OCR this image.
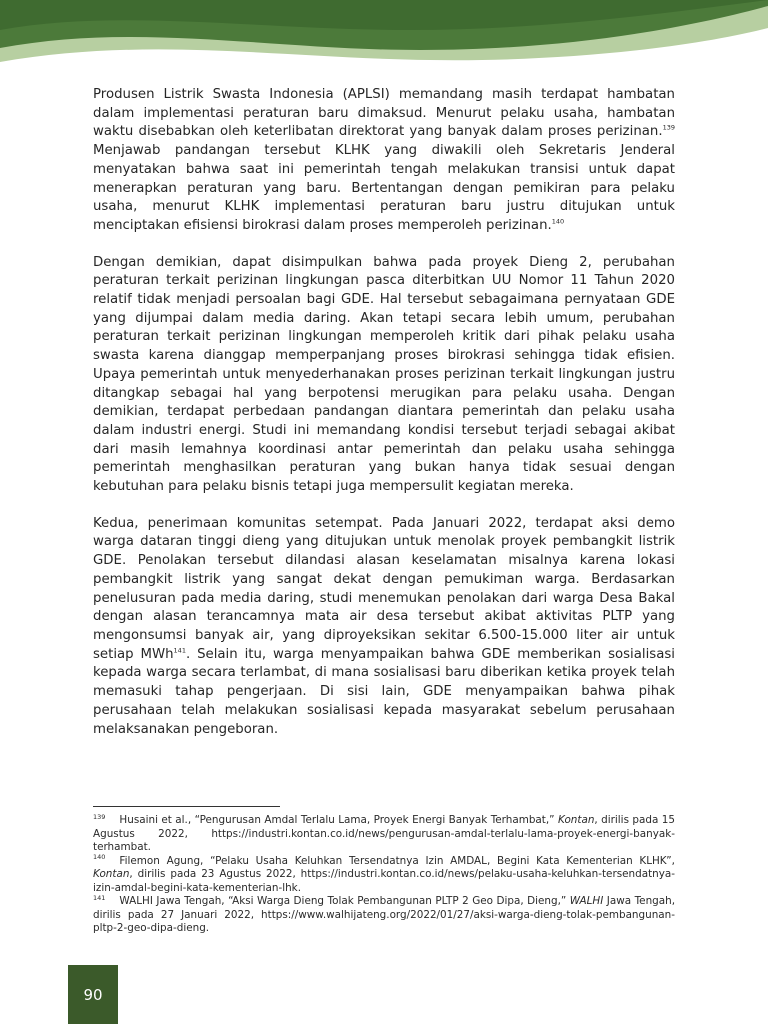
Produsen Listrik Swasta Indonesia (APLSI) memandang masih terdapat hambatan dalam implementasi peraturan baru dimaksud. Menurut pelaku usaha, hambatan waktu disebabkan oleh keterlibatan direktorat yang banyak dalam proses perizinan.$^{139}$ Menjawab pandangan tersebut KLHK yang diwakili oleh Sekretaris Jenderal menyatakan bahwa saat ini pemerintah tengah melakukan transisi untuk dapat menerapkan peraturan yang baru. Bertentangan dengan pemikiran para pelaku usaha, menurut KLHK implementasi peraturan baru justru ditujukan untuk menciptakan efisiensi birokrasi dalam proses memperoleh perizinan.$^{140}$

Dengan demikian, dapat disimpulkan bahwa pada proyek Dieng 2, perubahan peraturan terkait perizinan lingkungan pasca diterbitkan UU Nomor 11 Tahun 2020 relatif tidak menjadi persoalan bagi GDE. Hal tersebut sebagaimana pernyataan GDE yang dijumpai dalam media daring. Akan tetapi secara lebih umum, perubahan peraturan terkait perizinan lingkungan memperoleh kritik dari pihak pelaku usaha swasta karena dianggap memperpanjang proses birokrasi sehingga tidak efisien. Upaya pemerintah untuk menyederhanakan proses perizinan terkait lingkungan justru ditangkap sebagai hal yang berpotensi merugikan para pelaku usaha. Dengan demikian, terdapat perbedaan pandangan diantara pemerintah dan pelaku usaha dalam industri energi. Studi ini memandang kondisi tersebut terjadi sebagai akibat dari masih lemahnya koordinasi antar pemerintah dan pelaku usaha sehingga pemerintah menghasilkan peraturan yang bukan hanya tidak sesuai dengan kebutuhan para pelaku bisnis tetapi juga mempersulit kegiatan mereka.

Kedua, penerimaan komunitas setempat. Pada Januari 2022, terdapat aksi demo warga dataran tinggi dieng yang ditujukan untuk menolak proyek pembangkit listrik GDE. Penolakan tersebut dilandasi alasan keselamatan misalnya karena lokasi pembangkit listrik yang sangat dekat dengan pemukiman warga. Berdasarkan penelusuran pada media daring, studi menemukan penolakan dari warga Desa Bakal dengan alasan terancamnya mata air desa tersebut akibat aktivitas PLTP yang mengonsumsi banyak air, yang diproyeksikan sekitar 6.500-15.000 liter air untuk setiap MWh$^{141}$. Selain itu, warga menyampaikan bahwa GDE memberikan sosialisasi kepada warga secara terlambat, di mana sosialisasi baru diberikan ketika proyek telah memasuki tahap pengerjaan. Di sisi lain, GDE menyampaikan bahwa pihak perusahaan telah melakukan sosialisasi kepada masyarakat sebelum perusahaan melaksanakan pengeboran.

$^{139}$ Husaini et al., “Pengurusan Amdal Terlalu Lama, Proyek Energi Banyak Terhambat,” Kontan, dirilis pada 15 Agustus 2022, https://industri.kontan.co.id/news/pengurusan-amdal-terlalu-lama-proyek-energi-banyak-terhambat.

$^{140}$ Filemon Agung, “Pelaku Usaha Keluhkan Tersendatnya Izin AMDAL, Begini Kata Kementerian KLHK”, Kontan, dirilis pada 23 Agustus 2022, https://industri.kontan.co.id/news/pelaku-usaha-keluhkan-tersendatnya-izin-amdal-begini-kata-kementerian-lhk.

$^{141}$ WALHI Jawa Tengah, “Aksi Warga Dieng Tolak Pembangunan PLTP 2 Geo Dipa, Dieng,” WALHI Jawa Tengah, dirilis pada 27 Januari 2022, https://www.walhijateng.org/2022/01/27/aksi-warga-dieng-tolak-pembangunan-pltp-2-geo-dipa-dieng.

90
